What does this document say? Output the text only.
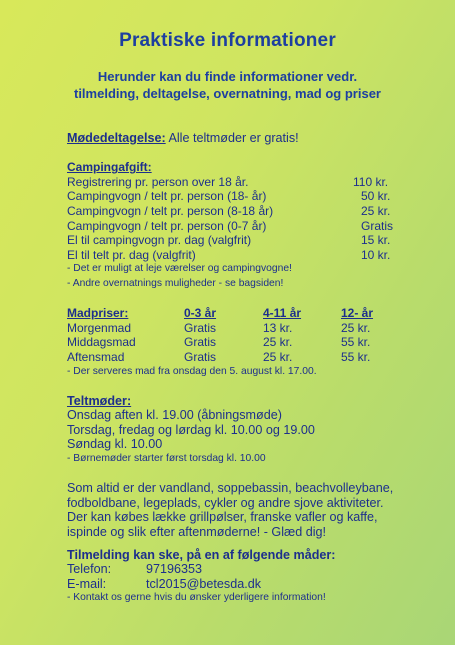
Praktiske informationer
Herunder kan du finde informationer vedr.
tilmelding, deltagelse, overnatning, mad og priser
Mødedeltagelse: Alle teltmøder er gratis!
Campingafgift:
Registrering pr. person over 18 år.	110 kr.
Campingvogn / telt pr. person (18- år)	50 kr.
Campingvogn / telt pr. person (8-18 år)	25 kr.
Campingvogn / telt pr. person (0-7 år)	Gratis
El til campingvogn pr. dag (valgfrit)	15 kr.
El til telt pr. dag (valgfrit)	10 kr.
- Det er muligt at leje værelser og campingvogne!
- Andre overnatnings muligheder - se bagsiden!
Madpriser:	0-3 år	4-11 år	12- år
Morgenmad	Gratis	13 kr.	25 kr.
Middagsmad	Gratis	25 kr.	55 kr.
Aftensmad	Gratis	25 kr.	55 kr.
- Der serveres mad fra onsdag den 5. august kl. 17.00.
Teltmøder:
Onsdag aften kl. 19.00 (åbningsmøde)
Torsdag, fredag og lørdag kl. 10.00 og 19.00
Søndag kl. 10.00
- Børnemøder starter først torsdag kl. 10.00
Som altid er der vandland, soppebassin, beachvolleybane,
fodboldbane, legeplads, cykler og andre sjove aktiviteter.
Der kan købes lække grillpølser, franske vafler og kaffe,
ispinde og slik efter aftenmøderne! - Glæd dig!
Tilmelding kan ske, på en af følgende måder:
Telefon:	97196353
E-mail:	tcl2015@betesda.dk
- Kontakt os gerne hvis du ønsker yderligere information!
